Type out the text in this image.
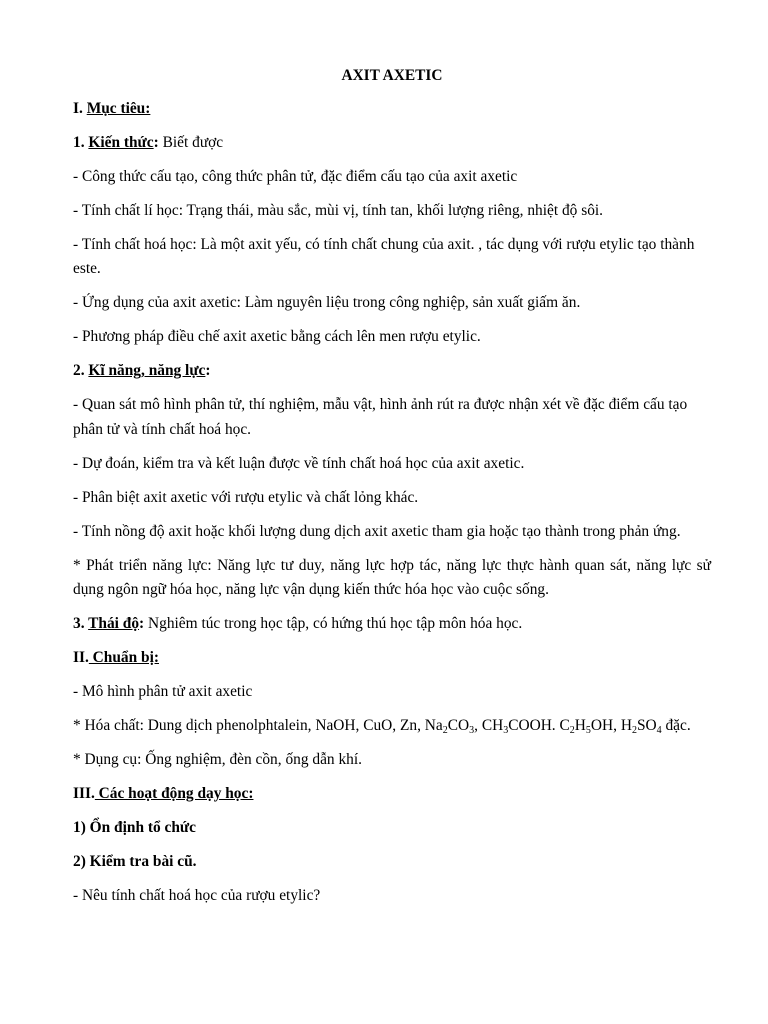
AXIT AXETIC

I. Mục tiêu:

1. Kiến thức: Biết được

- Công thức cấu tạo, công thức phân tử, đặc điểm cấu tạo của axit axetic

- Tính chất lí học: Trạng thái, màu sắc, mùi vị, tính tan, khối lượng riêng, nhiệt độ sôi.

- Tính chất hoá học: Là một axit yếu, có tính chất chung của axit. , tác dụng với rượu etylic tạo thành este.

- Ứng dụng của axit axetic: Làm nguyên liệu trong công nghiệp, sản xuất giấm ăn.

- Phương pháp điều chế axit axetic bằng cách lên men rượu etylic.

2. Kĩ năng, năng lực:

- Quan sát mô hình phân tử, thí nghiệm, mẫu vật, hình ảnh rút ra được nhận xét về đặc điểm cấu tạo phân tử và tính chất hoá học.

- Dự đoán, kiểm tra và kết luận được về tính chất hoá học của axit axetic.

- Phân biệt axit axetic với rượu etylic và chất lỏng khác.

- Tính nồng độ axit hoặc khối lượng dung dịch axit axetic tham gia hoặc tạo thành trong phản ứng.

* Phát triển năng lực: Năng lực tư duy, năng lực hợp tác, năng lực thực hành quan sát, năng lực sử dụng ngôn ngữ hóa học, năng lực vận dụng kiến thức hóa học vào cuộc sống.

3. Thái độ: Nghiêm túc trong học tập, có hứng thú học tập môn hóa học.

II. Chuẩn bị:

- Mô hình phân tử axit axetic

* Hóa chất: Dung dịch phenolphtalein, NaOH, CuO, Zn, $Na_2CO_3$, $CH_3COOH$. $C_2H_5OH$, $H_2SO_4$ đặc.

* Dụng cụ: Ống nghiệm, đèn cồn, ống dẫn khí.

III. Các hoạt động dạy học:

1) Ổn định tổ chức

2) Kiểm tra bài cũ.

- Nêu tính chất hoá học của rượu etylic?
